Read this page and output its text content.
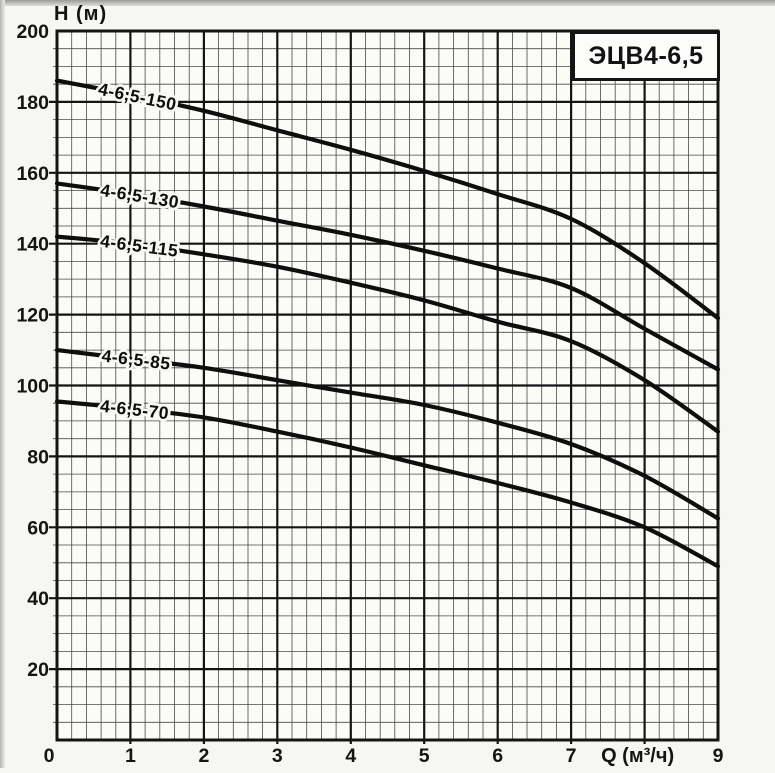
Н (м)
20
40
60
80
100
120
140
160
180
200
0	1	2	3	4	5	6	7	9
Q (м³/ч)
4-6,5-150
4-6,5-130
4-6,5-115
4-6,5-85
4-6,5-70
ЭЦВ4-6,5
